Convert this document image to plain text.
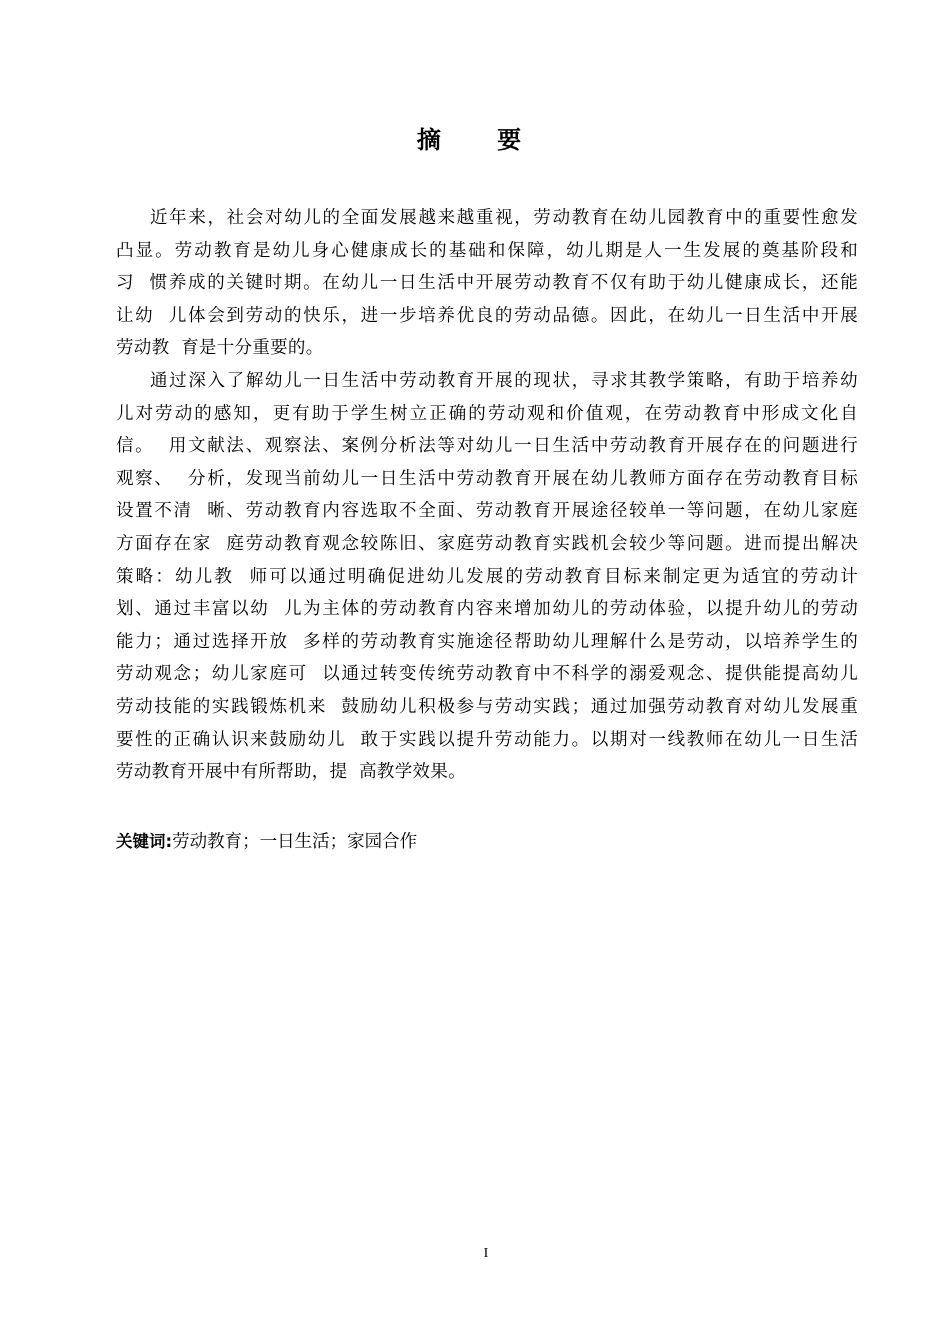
摘 要
近年来，社会对幼儿的全面发展越来越重视，劳动教育在幼儿园教育中的重要性愈发
凸显。劳动教育是幼儿身心健康成长的基础和保障，幼儿期是人一生发展的奠基阶段和
习  惯养成的关键时期。在幼儿一日生活中开展劳动教育不仅有助于幼儿健康成长，还能
让幼  儿体会到劳动的快乐，进一步培养优良的劳动品德。因此，在幼儿一日生活中开展
劳动教  育是十分重要的。
通过深入了解幼儿一日生活中劳动教育开展的现状，寻求其教学策略，有助于培养幼
儿对劳动的感知，更有助于学生树立正确的劳动观和价值观，在劳动教育中形成文化自
信。  用文献法、观察法、案例分析法等对幼儿一日生活中劳动教育开展存在的问题进行
观察、  分析，发现当前幼儿一日生活中劳动教育开展在幼儿教师方面存在劳动教育目标
设置不清  晰、劳动教育内容选取不全面、劳动教育开展途径较单一等问题，在幼儿家庭
方面存在家  庭劳动教育观念较陈旧、家庭劳动教育实践机会较少等问题。进而提出解决
策略：幼儿教  师可以通过明确促进幼儿发展的劳动教育目标来制定更为适宜的劳动计
划、通过丰富以幼  儿为主体的劳动教育内容来增加幼儿的劳动体验，以提升幼儿的劳动
能力；通过选择开放  多样的劳动教育实施途径帮助幼儿理解什么是劳动，以培养学生的
劳动观念；幼儿家庭可  以通过转变传统劳动教育中不科学的溺爱观念、提供能提高幼儿
劳动技能的实践锻炼机来  鼓励幼儿积极参与劳动实践；通过加强劳动教育对幼儿发展重
要性的正确认识来鼓励幼儿  敢于实践以提升劳动能力。以期对一线教师在幼儿一日生活
劳动教育开展中有所帮助，提  高教学效果。
关键词:劳动教育；一日生活；家园合作
I
